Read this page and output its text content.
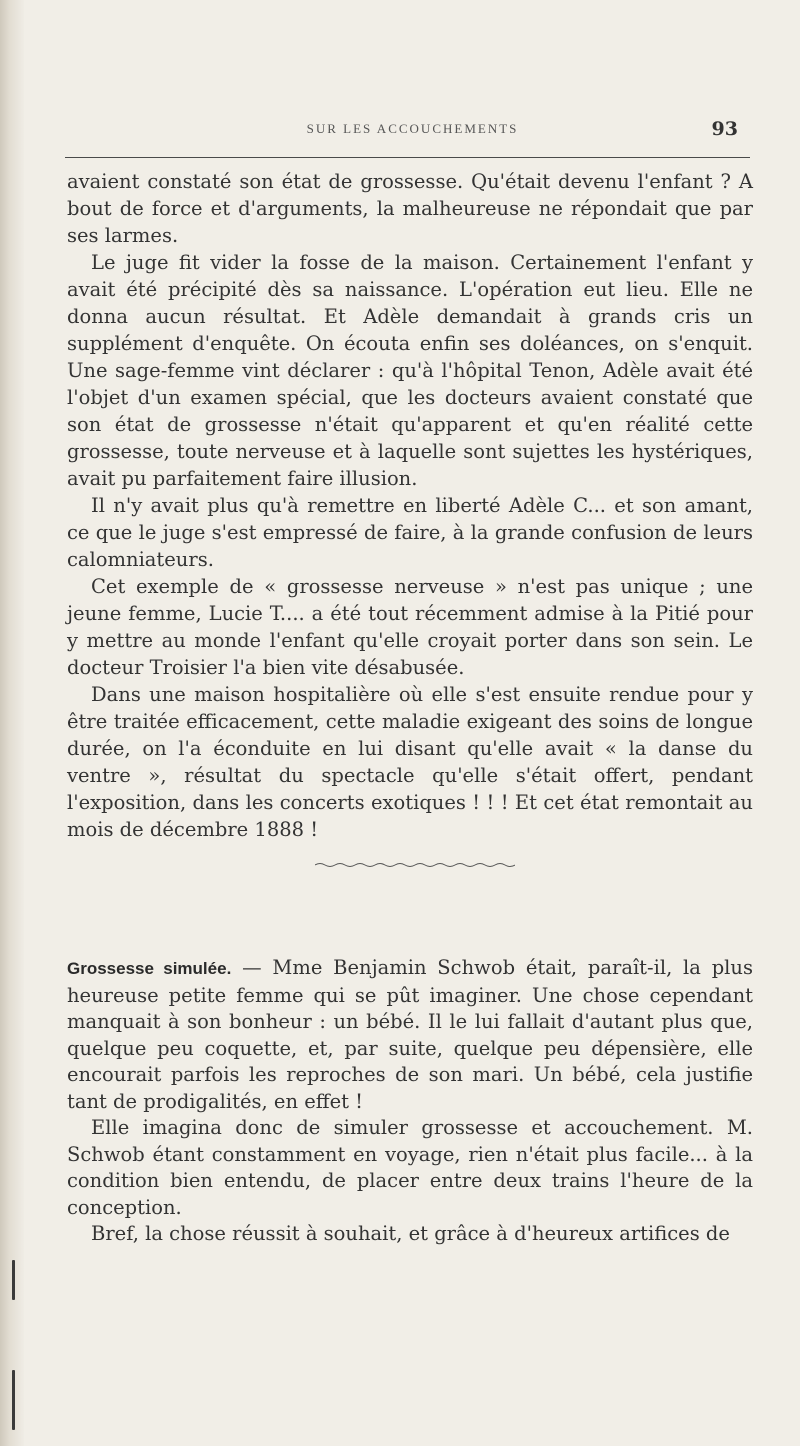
SUR LES ACCOUCHEMENTS	93

avaient constaté son état de grossesse. Qu'était devenu l'enfant ? A bout de force et d'arguments, la malheureuse ne répondait que par ses larmes.

Le juge fit vider la fosse de la maison. Certainement l'enfant y avait été précipité dès sa naissance. L'opération eut lieu. Elle ne donna aucun résultat. Et Adèle demandait à grands cris un supplément d'enquête. On écouta enfin ses doléances, on s'enquit. Une sage-femme vint déclarer : qu'à l'hôpital Tenon, Adèle avait été l'objet d'un examen spécial, que les docteurs avaient constaté que son état de grossesse n'était qu'apparent et qu'en réalité cette grossesse, toute nerveuse et à laquelle sont sujettes les hystériques, avait pu parfaitement faire illusion.

Il n'y avait plus qu'à remettre en liberté Adèle C... et son amant, ce que le juge s'est empressé de faire, à la grande confusion de leurs calomniateurs.

Cet exemple de « grossesse nerveuse » n'est pas unique ; une jeune femme, Lucie T.... a été tout récemment admise à la Pitié pour y mettre au monde l'enfant qu'elle croyait porter dans son sein. Le docteur Troisier l'a bien vite désabusée.

Dans une maison hospitalière où elle s'est ensuite rendue pour y être traitée efficacement, cette maladie exigeant des soins de longue durée, on l'a éconduite en lui disant qu'elle avait « la danse du ventre », résultat du spectacle qu'elle s'était offert, pendant l'exposition, dans les concerts exotiques ! ! ! Et cet état remontait au mois de décembre 1888 !

Grossesse simulée. — Mme Benjamin Schwob était, paraît-il, la plus heureuse petite femme qui se pût imaginer. Une chose cependant manquait à son bonheur : un bébé. Il le lui fallait d'autant plus que, quelque peu coquette, et, par suite, quelque peu dépensière, elle encourait parfois les reproches de son mari. Un bébé, cela justifie tant de prodigalités, en effet !

Elle imagina donc de simuler grossesse et accouchement. M. Schwob étant constamment en voyage, rien n'était plus facile... à la condition bien entendu, de placer entre deux trains l'heure de la conception.

Bref, la chose réussit à souhait, et grâce à d'heureux artifices de
